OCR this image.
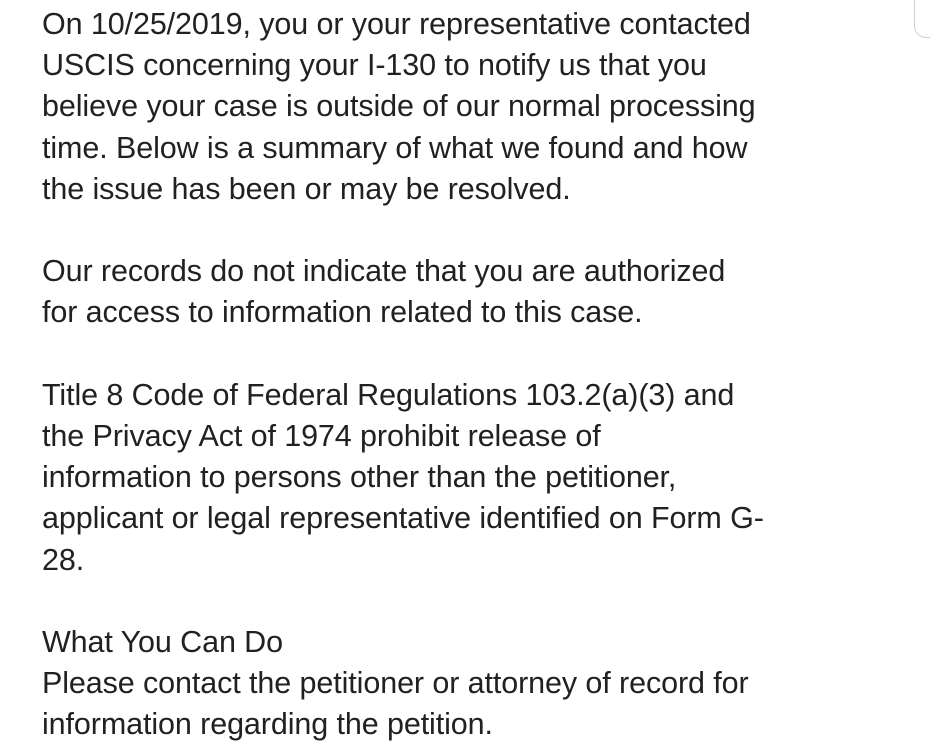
On 10/25/2019, you or your representative contacted
USCIS concerning your I-130 to notify us that you
believe your case is outside of our normal processing
time. Below is a summary of what we found and how
the issue has been or may be resolved.

Our records do not indicate that you are authorized
for access to information related to this case.

Title 8 Code of Federal Regulations 103.2(a)(3) and
the Privacy Act of 1974 prohibit release of
information to persons other than the petitioner,
applicant or legal representative identified on Form G-
28.

What You Can Do
Please contact the petitioner or attorney of record for
information regarding the petition.
